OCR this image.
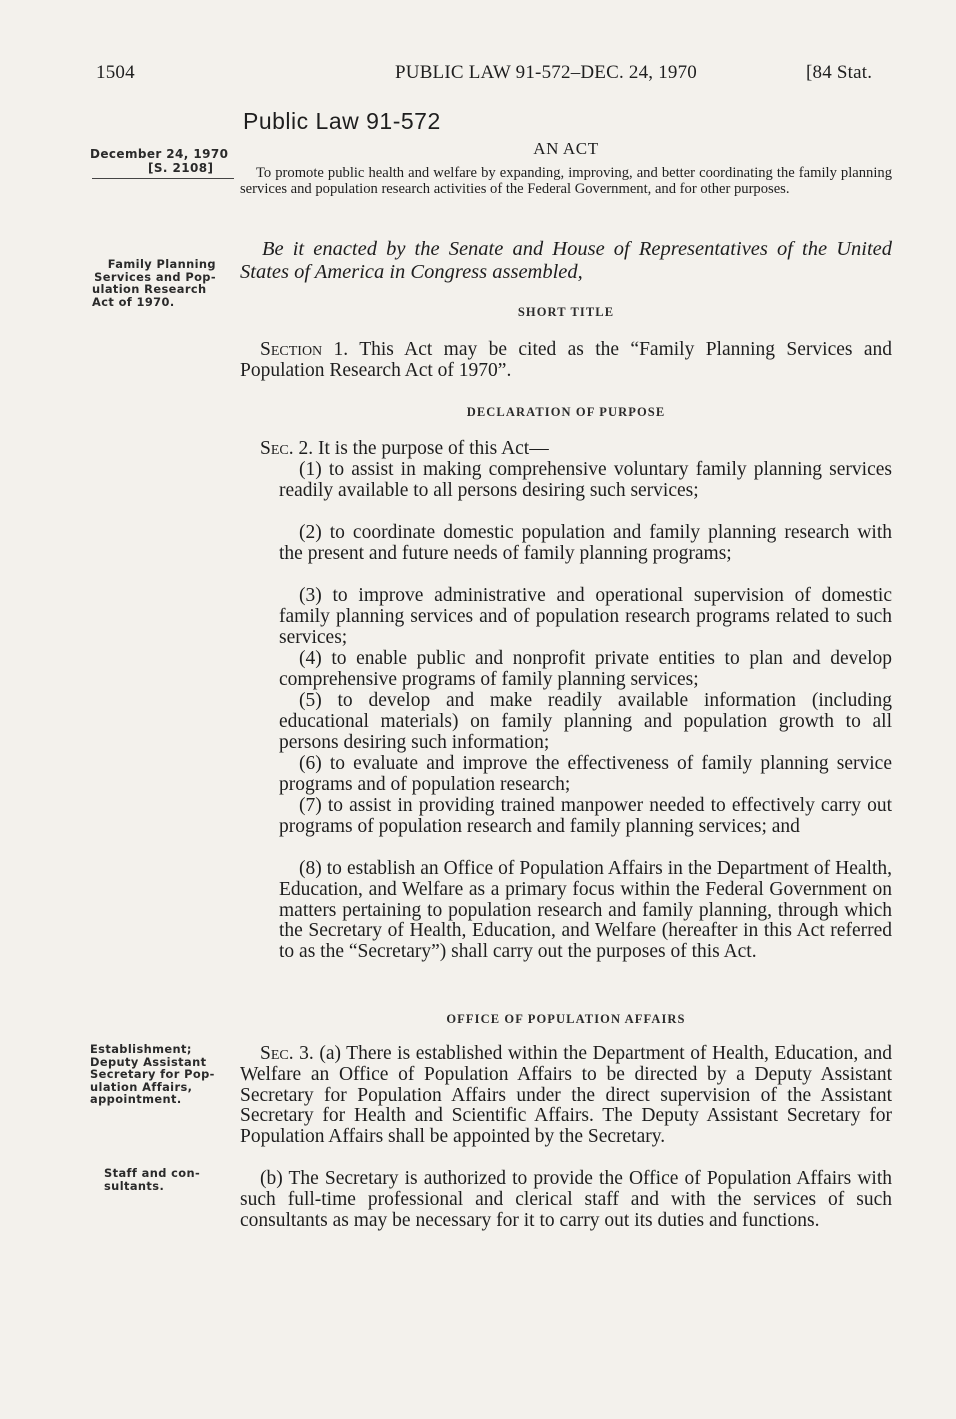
1504	PUBLIC LAW 91-572–DEC. 24, 1970	[84 Stat.
Public Law 91-572
December 24, 1970
[S. 2108]
AN ACT
To promote public health and welfare by expanding, improving, and better coordinating the family planning services and population research activities of the Federal Government, and for other purposes.
Family Planning
Services and Pop-
ulation Research
Act of 1970.
Be it enacted by the Senate and House of Representatives of the United States of America in Congress assembled,
SHORT TITLE
Section 1. This Act may be cited as the “Family Planning Services and Population Research Act of 1970”.
DECLARATION OF PURPOSE
Sec. 2. It is the purpose of this Act—
(1) to assist in making comprehensive voluntary family planning services readily available to all persons desiring such services;
(2) to coordinate domestic population and family planning research with the present and future needs of family planning programs;
(3) to improve administrative and operational supervision of domestic family planning services and of population research programs related to such services;
(4) to enable public and nonprofit private entities to plan and develop comprehensive programs of family planning services;
(5) to develop and make readily available information (including educational materials) on family planning and population growth to all persons desiring such information;
(6) to evaluate and improve the effectiveness of family planning service programs and of population research;
(7) to assist in providing trained manpower needed to effectively carry out programs of population research and family planning services; and
(8) to establish an Office of Population Affairs in the Department of Health, Education, and Welfare as a primary focus within the Federal Government on matters pertaining to population research and family planning, through which the Secretary of Health, Education, and Welfare (hereafter in this Act referred to as the “Secretary”) shall carry out the purposes of this Act.
OFFICE OF POPULATION AFFAIRS
Establishment;
Deputy Assistant
Secretary for Pop-
ulation Affairs,
appointment.
Sec. 3. (a) There is established within the Department of Health, Education, and Welfare an Office of Population Affairs to be directed by a Deputy Assistant Secretary for Population Affairs under the direct supervision of the Assistant Secretary for Health and Scientific Affairs. The Deputy Assistant Secretary for Population Affairs shall be appointed by the Secretary.
Staff and con-
sultants.	(b) The Secretary is authorized to provide the Office of Population Affairs with such full-time professional and clerical staff and with the services of such consultants as may be necessary for it to carry out its duties and functions.
